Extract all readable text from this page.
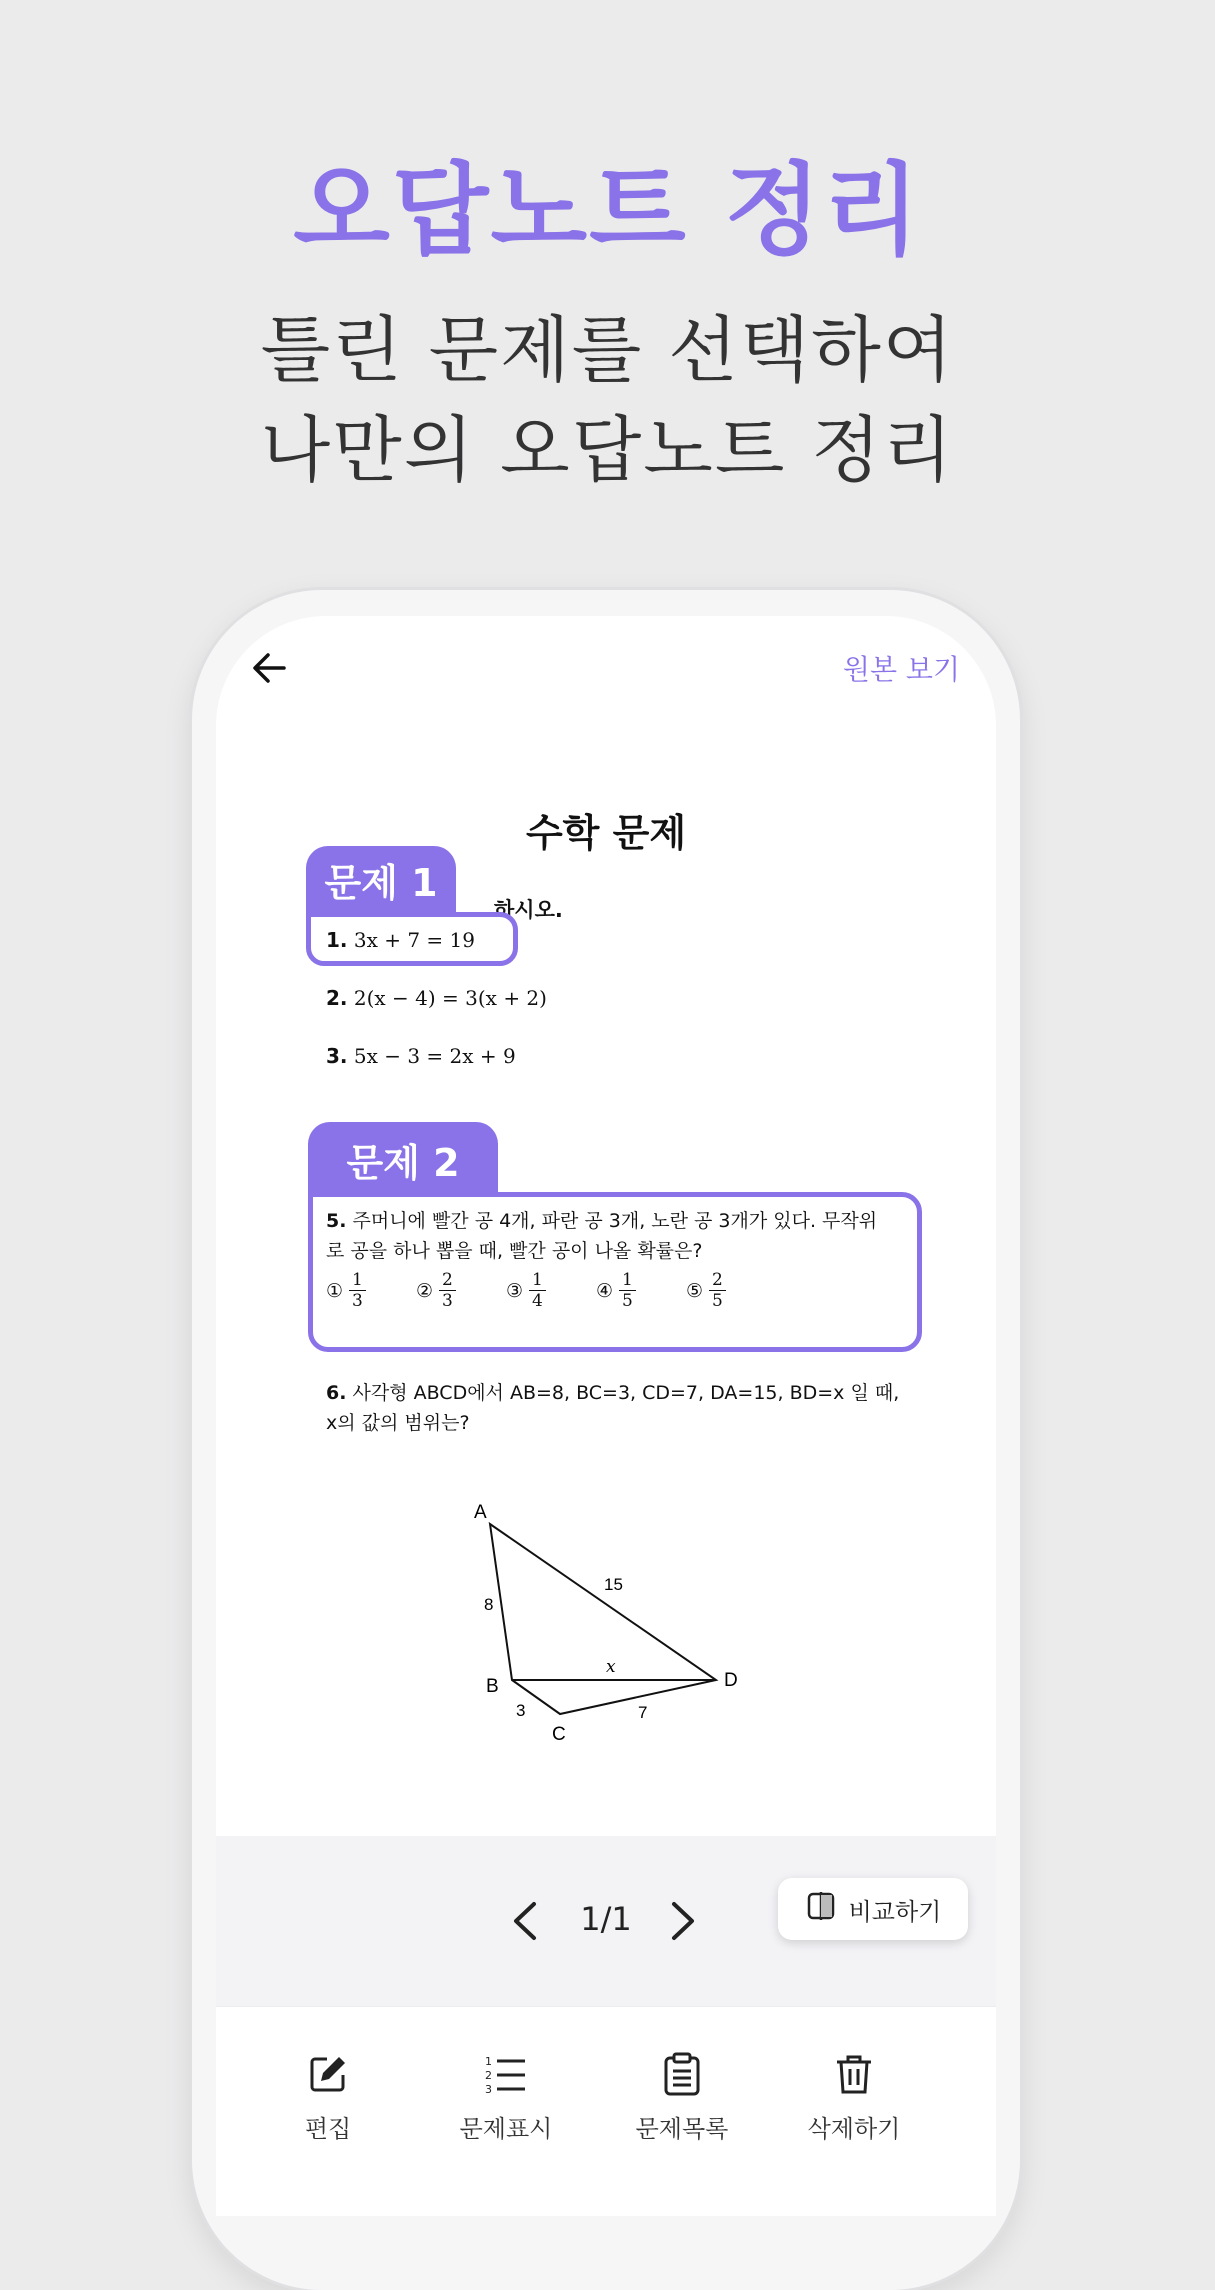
오답노트 정리
틀린 문제를 선택하여
나만의 오답노트 정리
원본 보기
수학 문제
하시오.
1. 3x + 7 = 19
2. 2(x − 4) = 3(x + 2)
3. 5x − 3 = 2x + 9
문제 1
문제 2
5. 주머니에 빨간 공 4개, 파란 공 3개, 노란 공 3개가 있다. 무작위로 공을 하나 뽑을 때, 빨간 공이 나올 확률은?
① $\frac{1}{3}$	② $\frac{2}{3}$	③ $\frac{1}{4}$	④ $\frac{1}{5}$	⑤ $\frac{2}{5}$
6. 사각형 ABCD에서 AB=8, BC=3, CD=7, DA=15, BD=x 일 때, x의 값의 범위는?
A
B
C
D
8
15
x
3	7
1/1	비교하기
편집
1
2
3
문제표시	문제목록	삭제하기
